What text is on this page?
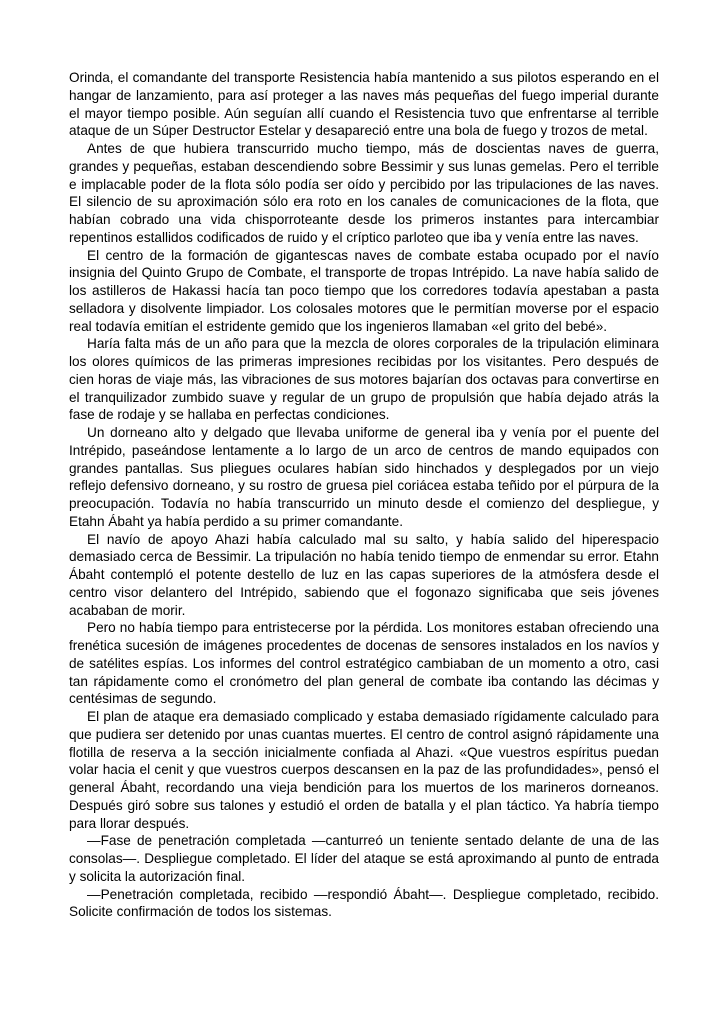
Orinda, el comandante del transporte Resistencia había mantenido a sus pilotos esperando en el hangar de lanzamiento, para así proteger a las naves más pequeñas del fuego imperial durante el mayor tiempo posible. Aún seguían allí cuando el Resistencia tuvo que enfrentarse al terrible ataque de un Súper Destructor Estelar y desapareció entre una bola de fuego y trozos de metal.

Antes de que hubiera transcurrido mucho tiempo, más de doscientas naves de guerra, grandes y pequeñas, estaban descendiendo sobre Bessimir y sus lunas gemelas. Pero el terrible e implacable poder de la flota sólo podía ser oído y percibido por las tripulaciones de las naves. El silencio de su aproximación sólo era roto en los canales de comunicaciones de la flota, que habían cobrado una vida chisporroteante desde los primeros instantes para intercambiar repentinos estallidos codificados de ruido y el críptico parloteo que iba y venía entre las naves.

El centro de la formación de gigantescas naves de combate estaba ocupado por el navío insignia del Quinto Grupo de Combate, el transporte de tropas Intrépido. La nave había salido de los astilleros de Hakassi hacía tan poco tiempo que los corredores todavía apestaban a pasta selladora y disolvente limpiador. Los colosales motores que le permitían moverse por el espacio real todavía emitían el estridente gemido que los ingenieros llamaban «el grito del bebé».

Haría falta más de un año para que la mezcla de olores corporales de la tripulación eliminara los olores químicos de las primeras impresiones recibidas por los visitantes. Pero después de cien horas de viaje más, las vibraciones de sus motores bajarían dos octavas para convertirse en el tranquilizador zumbido suave y regular de un grupo de propulsión que había dejado atrás la fase de rodaje y se hallaba en perfectas condiciones.

Un dorneano alto y delgado que llevaba uniforme de general iba y venía por el puente del Intrépido, paseándose lentamente a lo largo de un arco de centros de mando equipados con grandes pantallas. Sus pliegues oculares habían sido hinchados y desplegados por un viejo reflejo defensivo dorneano, y su rostro de gruesa piel coriácea estaba teñido por el púrpura de la preocupación. Todavía no había transcurrido un minuto desde el comienzo del despliegue, y Etahn Ábaht ya había perdido a su primer comandante.

El navío de apoyo Ahazi había calculado mal su salto, y había salido del hiperespacio demasiado cerca de Bessimir. La tripulación no había tenido tiempo de enmendar su error. Etahn Ábaht contempló el potente destello de luz en las capas superiores de la atmósfera desde el centro visor delantero del Intrépido, sabiendo que el fogonazo significaba que seis jóvenes acababan de morir.

Pero no había tiempo para entristecerse por la pérdida. Los monitores estaban ofreciendo una frenética sucesión de imágenes procedentes de docenas de sensores instalados en los navíos y de satélites espías. Los informes del control estratégico cambiaban de un momento a otro, casi tan rápidamente como el cronómetro del plan general de combate iba contando las décimas y centésimas de segundo.

El plan de ataque era demasiado complicado y estaba demasiado rígidamente calculado para que pudiera ser detenido por unas cuantas muertes. El centro de control asignó rápidamente una flotilla de reserva a la sección inicialmente confiada al Ahazi. «Que vuestros espíritus puedan volar hacia el cenit y que vuestros cuerpos descansen en la paz de las profundidades», pensó el general Ábaht, recordando una vieja bendición para los muertos de los marineros dorneanos. Después giró sobre sus talones y estudió el orden de batalla y el plan táctico. Ya habría tiempo para llorar después.

—Fase de penetración completada —canturreó un teniente sentado delante de una de las consolas—. Despliegue completado. El líder del ataque se está aproximando al punto de entrada y solicita la autorización final.

—Penetración completada, recibido —respondió Ábaht—. Despliegue completado, recibido. Solicite confirmación de todos los sistemas.
